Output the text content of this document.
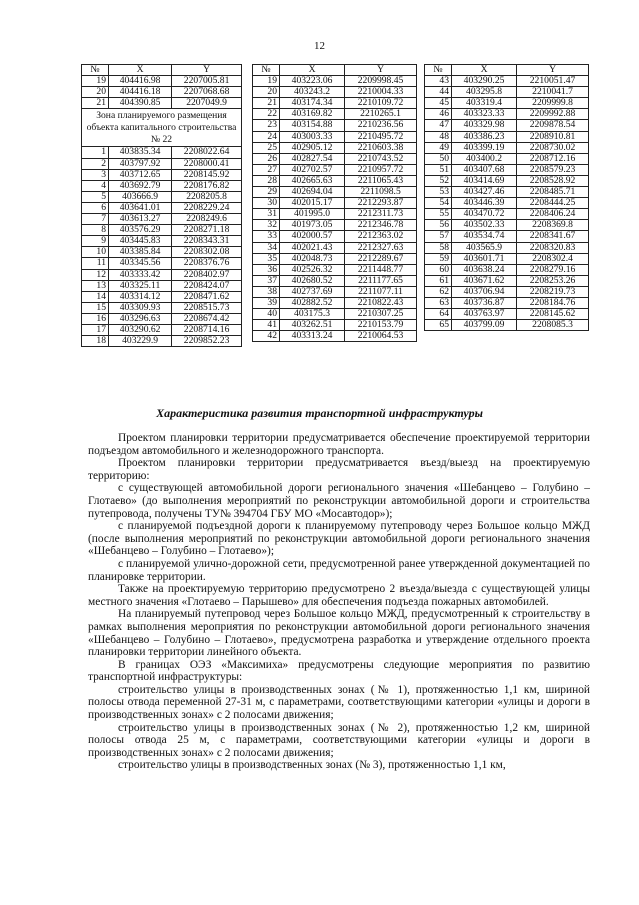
12
№	X	Y
19	404416.98	2207005.81
20	404416.18	2207068.68
21	404390.85	2207049.9
Зона планируемого размещения объекта капитального строительства № 22		
1	403835.34	2208022.64
2	403797.92	2208000.41
3	403712.65	2208145.92
4	403692.79	2208176.82
5	403666.9	2208205.8
6	403641.01	2208229.24
7	403613.27	2208249.6
8	403576.29	2208271.18
9	403445.83	2208343.31
10	403385.84	2208302.08
11	403345.56	2208376.76
12	403333.42	2208402.97
13	403325.11	2208424.07
14	403314.12	2208471.62
15	403309.93	2208515.73
16	403296.63	2208674.42
17	403290.62	2208714.16
18	403229.9	2209852.23
№	X	Y
19	403223.06	2209998.45
20	403243.2	2210004.33
21	403174.34	2210109.72
22	403169.82	2210265.1
23	403154.88	2210236.56
24	403003.33	2210495.72
25	402905.12	2210603.38
26	402827.54	2210743.52
27	402702.57	2210957.72
28	402665.63	2211065.43
29	402694.04	2211098.5
30	402015.17	2212293.87
31	401995.0	2212311.73
32	401973.05	2212346.78
33	402000.57	2212363.02
34	402021.43	2212327.63
35	402048.73	2212289.67
36	402526.32	2211448.77
37	402680.52	2211177.65
38	402737.69	2211077.11
39	402882.52	2210822.43
40	403175.3	2210307.25
41	403262.51	2210153.79
42	403313.24	2210064.53
№	X	Y
43	403290.25	2210051.47
44	403295.8	2210041.7
45	403319.4	2209999.8
46	403323.33	2209992.88
47	403329.98	2209878.54
48	403386.23	2208910.81
49	403399.19	2208730.02
50	403400.2	2208712.16
51	403407.68	2208579.23
52	403414.69	2208528.92
53	403427.46	2208485.71
54	403446.39	2208444.25
55	403470.72	2208406.24
56	403502.33	2208369.8
57	403534.74	2208341.67
58	403565.9	2208320.83
59	403601.71	2208302.4
60	403638.24	2208279.16
61	403671.62	2208253.26
62	403706.94	2208219.73
63	403736.87	2208184.76
64	403763.97	2208145.62
65	403799.09	2208085.3
Характеристика развития транспортной инфраструктуры

Проектом планировки территории предусматривается обеспечение проектируемой территории подъездом автомобильного и железнодорожного транспорта.

Проектом планировки территории предусматривается въезд/выезд на проектируемую территорию:

с существующей автомобильной дороги регионального значения «Шебанцево – Голубино – Глотаево» (до выполнения мероприятий по реконструкции автомобильной дороги и строительства путепровода, получены ТУ№ 394704 ГБУ МО «Мосавтодор»);

с планируемой подъездной дороги к планируемому путепроводу через Большое кольцо МЖД (после выполнения мероприятий по реконструкции автомобильной дороги регионального значения «Шебанцево – Голубино – Глотаево»);

с планируемой улично-дорожной сети, предусмотренной ранее утвержденной документацией по планировке территории.

Также на проектируемую территорию предусмотрено 2 въезда/выезда с существующей улицы местного значения «Глотаево – Парышево» для обеспечения подъезда пожарных автомобилей.

На планируемый путепровод через Большое кольцо МЖД, предусмотренный к строительству в рамках выполнения мероприятия по реконструкции автомобильной дороги регионального значения «Шебанцево – Голубино – Глотаево», предусмотрена разработка и утверждение отдельного проекта планировки территории линейного объекта.

В границах ОЭЗ «Максимиха» предусмотрены следующие мероприятия по развитию транспортной инфраструктуры:

строительство улицы в производственных зонах (№ 1), протяженностью 1,1 км, шириной полосы отвода переменной 27-31 м, с параметрами, соответствующими категории «улицы и дороги в производственных зонах» с 2 полосами движения;

строительство улицы в производственных зонах (№ 2), протяженностью 1,2 км, шириной полосы отвода 25 м, с параметрами, соответствующими категории «улицы и дороги в производственных зонах» с 2 полосами движения;

строительство улицы в производственных зонах (№ 3), протяженностью 1,1 км,
